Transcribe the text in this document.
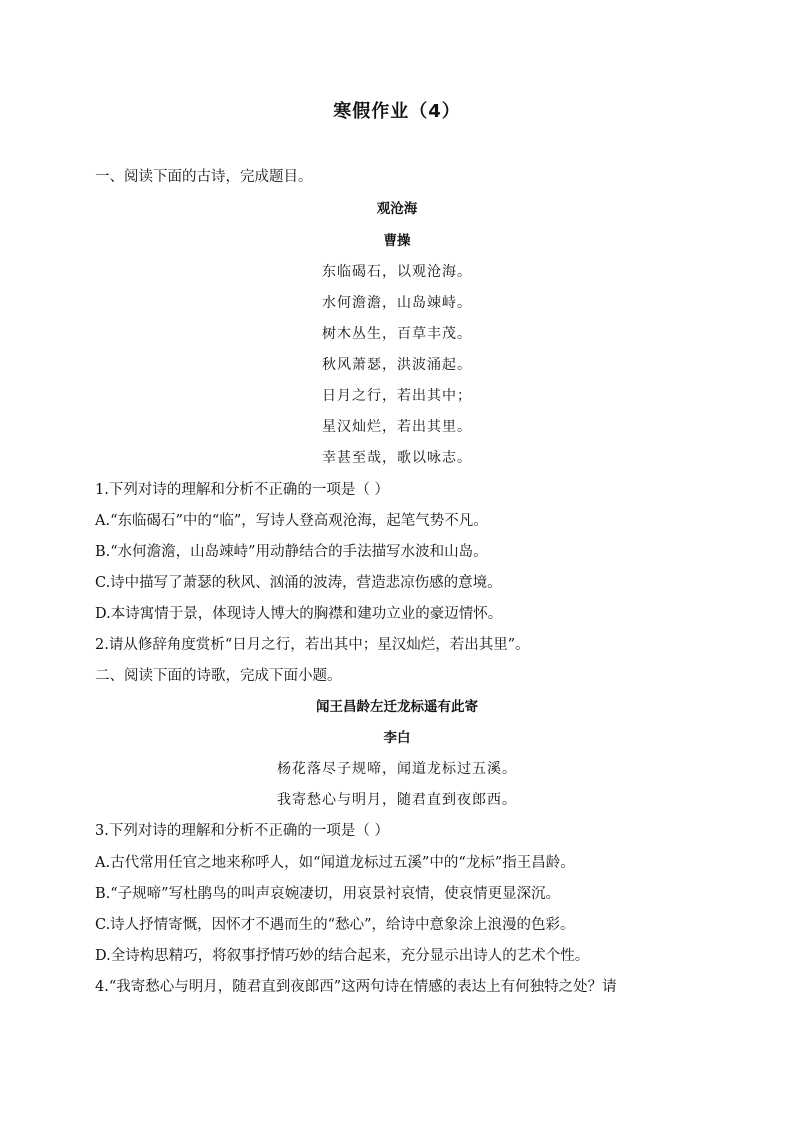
寒假作业（4）
一、阅读下面的古诗，完成题目。
观沧海
曹操
东临碣石，以观沧海。
水何澹澹，山岛竦峙。
树木丛生，百草丰茂。
秋风萧瑟，洪波涌起。
日月之行，若出其中；
星汉灿烂，若出其里。
幸甚至哉，歌以咏志。
1.下列对诗的理解和分析不正确的一项是（ ）
A.“东临碣石”中的“临”，写诗人登高观沧海，起笔气势不凡。
B.“水何澹澹，山岛竦峙”用动静结合的手法描写水波和山岛。
C.诗中描写了萧瑟的秋风、汹涌的波涛，营造悲凉伤感的意境。
D.本诗寓情于景，体现诗人博大的胸襟和建功立业的豪迈情怀。
2.请从修辞角度赏析“日月之行，若出其中；星汉灿烂，若出其里”。
二、阅读下面的诗歌，完成下面小题。
闻王昌龄左迁龙标遥有此寄
李白
杨花落尽子规啼，闻道龙标过五溪。
我寄愁心与明月，随君直到夜郎西。
3.下列对诗的理解和分析不正确的一项是（ ）
A.古代常用任官之地来称呼人，如“闻道龙标过五溪”中的“龙标”指王昌龄。
B.“子规啼”写杜鹃鸟的叫声哀婉凄切，用哀景衬哀情，使哀情更显深沉。
C.诗人抒情寄慨，因怀才不遇而生的“愁心”，给诗中意象涂上浪漫的色彩。
D.全诗构思精巧，将叙事抒情巧妙的结合起来，充分显示出诗人的艺术个性。
4.“我寄愁心与明月，随君直到夜郎西”这两句诗在情感的表达上有何独特之处？请
